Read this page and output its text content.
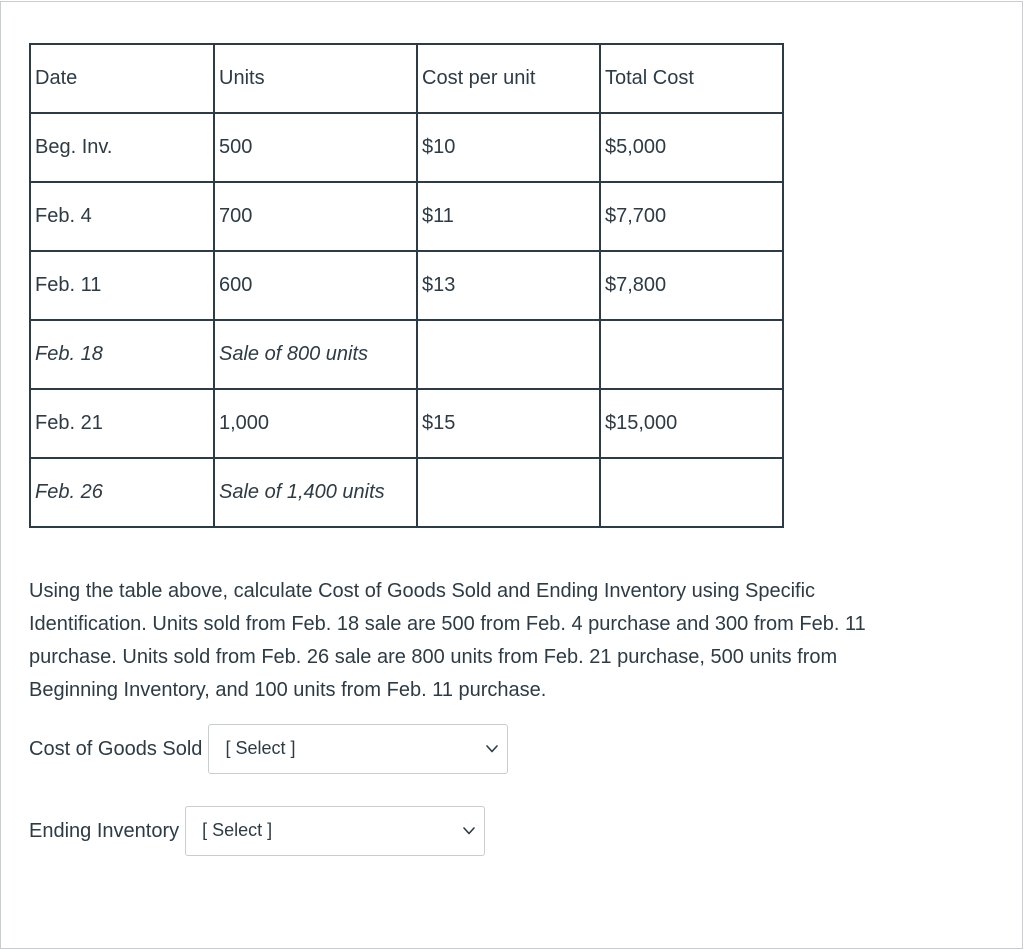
Date	Units	Cost per unit	Total Cost
Beg. Inv.	500	$10	$5,000
Feb. 4	700	$11	$7,700
Feb. 11	600	$13	$7,800
Feb. 18	Sale of 800 units		
Feb. 21	1,000	$15	$15,000
Feb. 26	Sale of 1,400 units		
Using the table above, calculate Cost of Goods Sold and Ending Inventory using Specific
Identification. Units sold from Feb. 18 sale are 500 from Feb. 4 purchase and 300 from Feb. 11
purchase. Units sold from Feb. 26 sale are 800 units from Feb. 21 purchase, 500 units from
Beginning Inventory, and 100 units from Feb. 11 purchase.
Cost of Goods Sold [ Select ]
Ending Inventory [ Select ]
